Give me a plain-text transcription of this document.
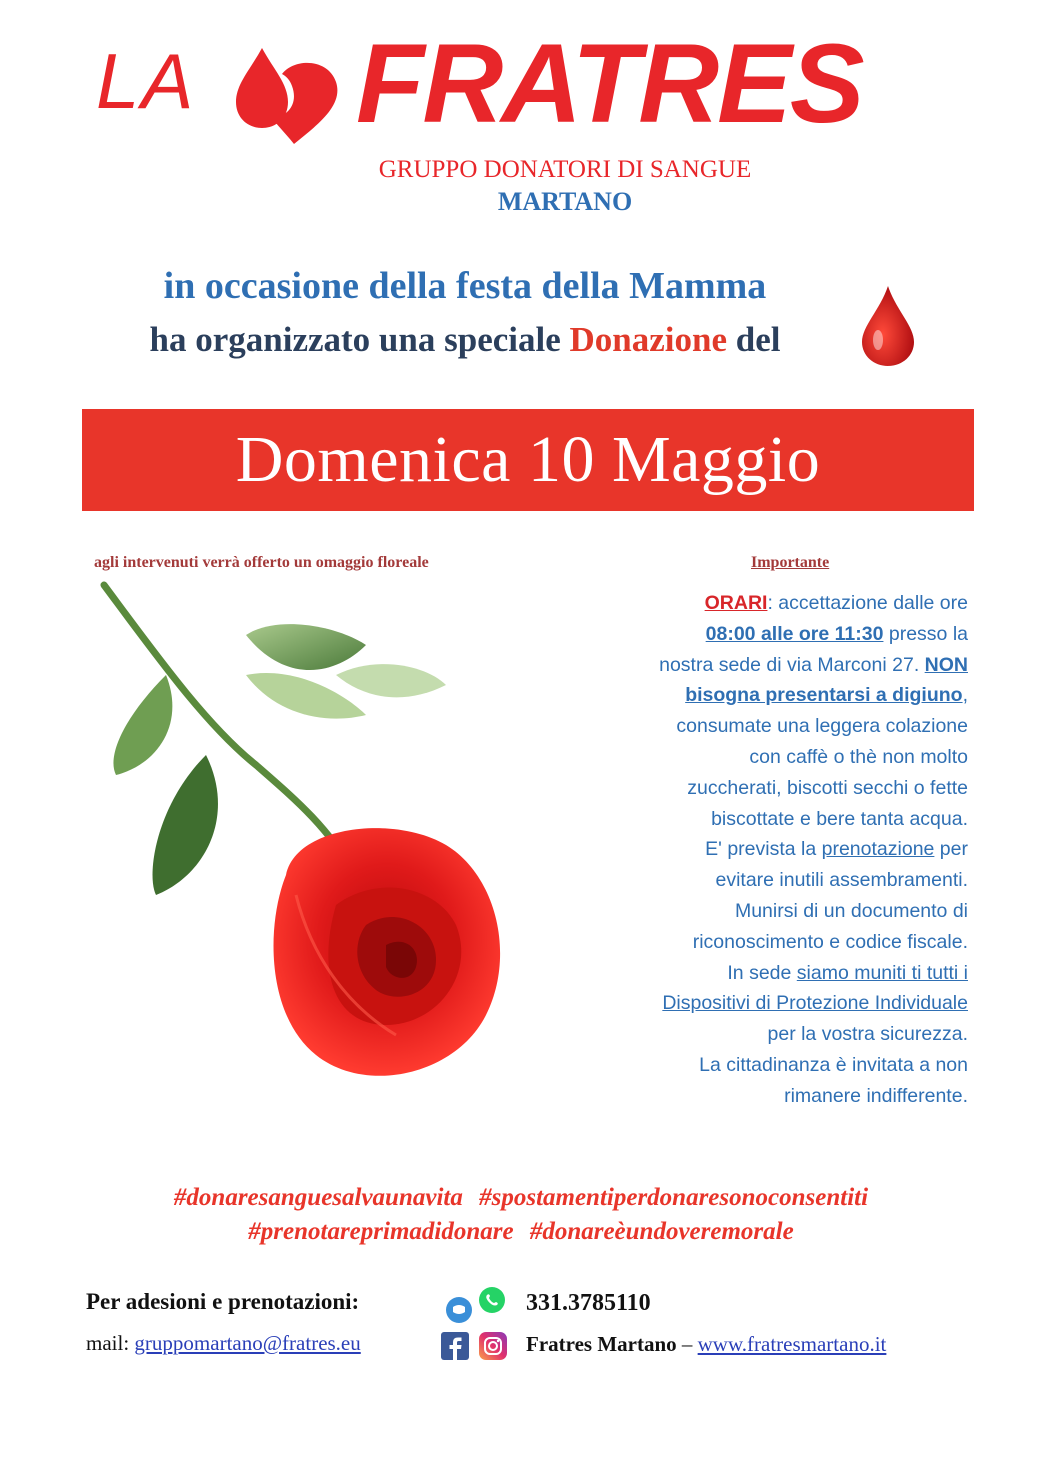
LA FRATRES
GRUPPO DONATORI DI SANGUE
MARTANO
in occasione della festa della Mamma
ha organizzato una speciale Donazione del
Domenica 10 Maggio
agli intervenuti verrà offerto un omaggio floreale	Importante
ORARI: accettazione dalle ore
08:00 alle ore 11:30 presso la
nostra sede di via Marconi 27. NON
bisogna presentarsi a digiuno,
consumate una leggera colazione
con caffè o thè non molto
zuccherati, biscotti secchi o fette
biscottate e bere tanta acqua.
E' prevista la prenotazione per
evitare inutili assembramenti.
Munirsi di un documento di
riconoscimento e codice fiscale.
In sede siamo muniti ti tutti i
Dispositivi di Protezione Individuale
per la vostra sicurezza.
La cittadinanza è invitata a non
rimanere indifferente.
#donaresanguesalvaunavita #spostamentiperdonaresonoconsentiti
#prenotareprimadidonare #donareèundoveremorale
Per adesioni e prenotazioni:
mail: gruppomartano@fratres.eu
331.3785110
Fratres Martano – www.fratresmartano.it
